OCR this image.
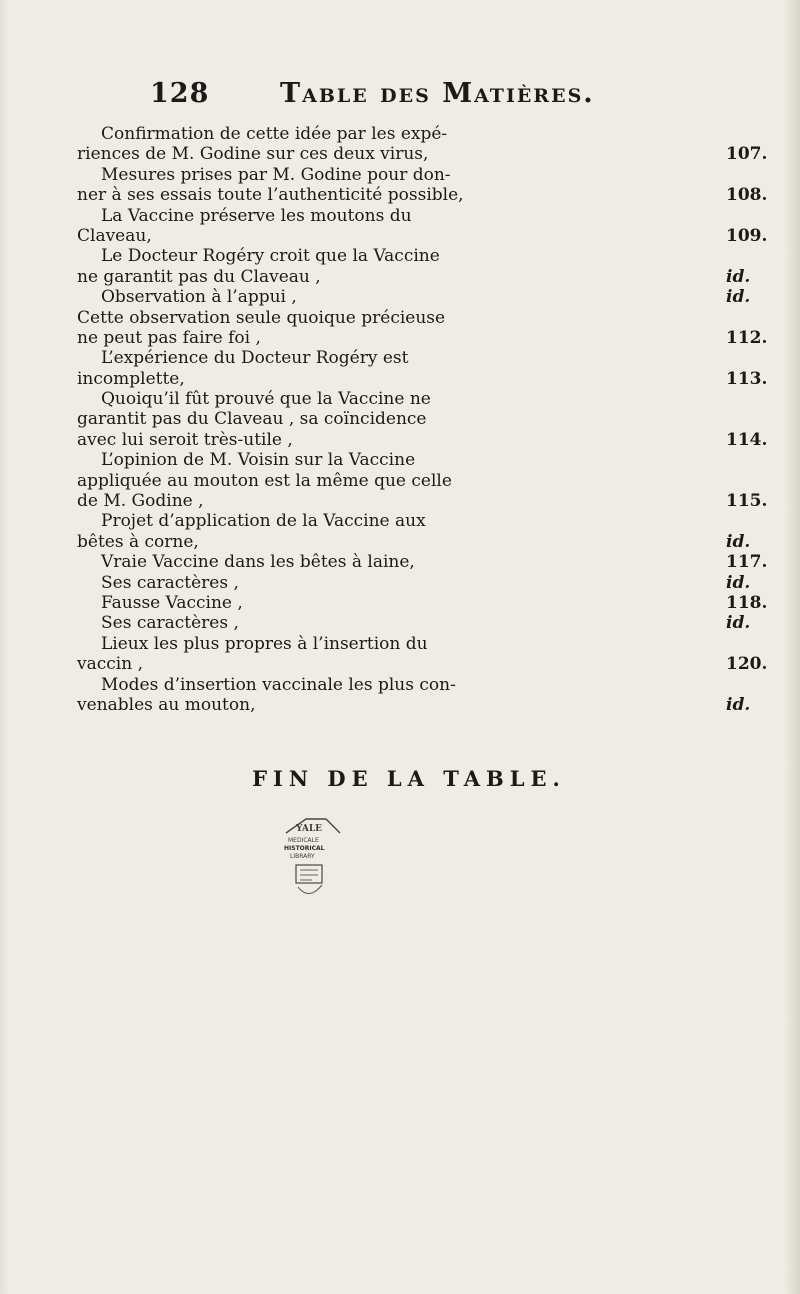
128	Table des Matières.
Confirmation de cette idée par les expé-
riences de M. Godine sur ces deux virus,	107.
Mesures prises par M. Godine pour don-
ner à ses essais toute l’authenticité possible,	108.
La Vaccine préserve les moutons du
Claveau,	109.
Le Docteur Rogéry croit que la Vaccine
ne garantit pas du Claveau ,	id.
Observation à l’appui ,	id.
Cette observation seule quoique précieuse
ne peut pas faire foi ,	112.
L’expérience du Docteur Rogéry est
incomplette,	113.
Quoiqu’il fût prouvé que la Vaccine ne
garantit pas du Claveau , sa coïncidence
avec lui seroit très-utile ,	114.
L’opinion de M. Voisin sur la Vaccine
appliquée au mouton est la même que celle
de M. Godine ,	115.
Projet d’application de la Vaccine aux
bêtes à corne,	id.
Vraie Vaccine dans les bêtes à laine,	117.
Ses caractères ,	id.
Fausse Vaccine ,	118.
Ses caractères ,	id.
Lieux les plus propres à l’insertion du
vaccin ,	120.
Modes d’insertion vaccinale les plus con-
venables au mouton,	id.
FIN DE LA TABLE.
YALE
MEDICALE
HISTORICAL
LIBRARY
